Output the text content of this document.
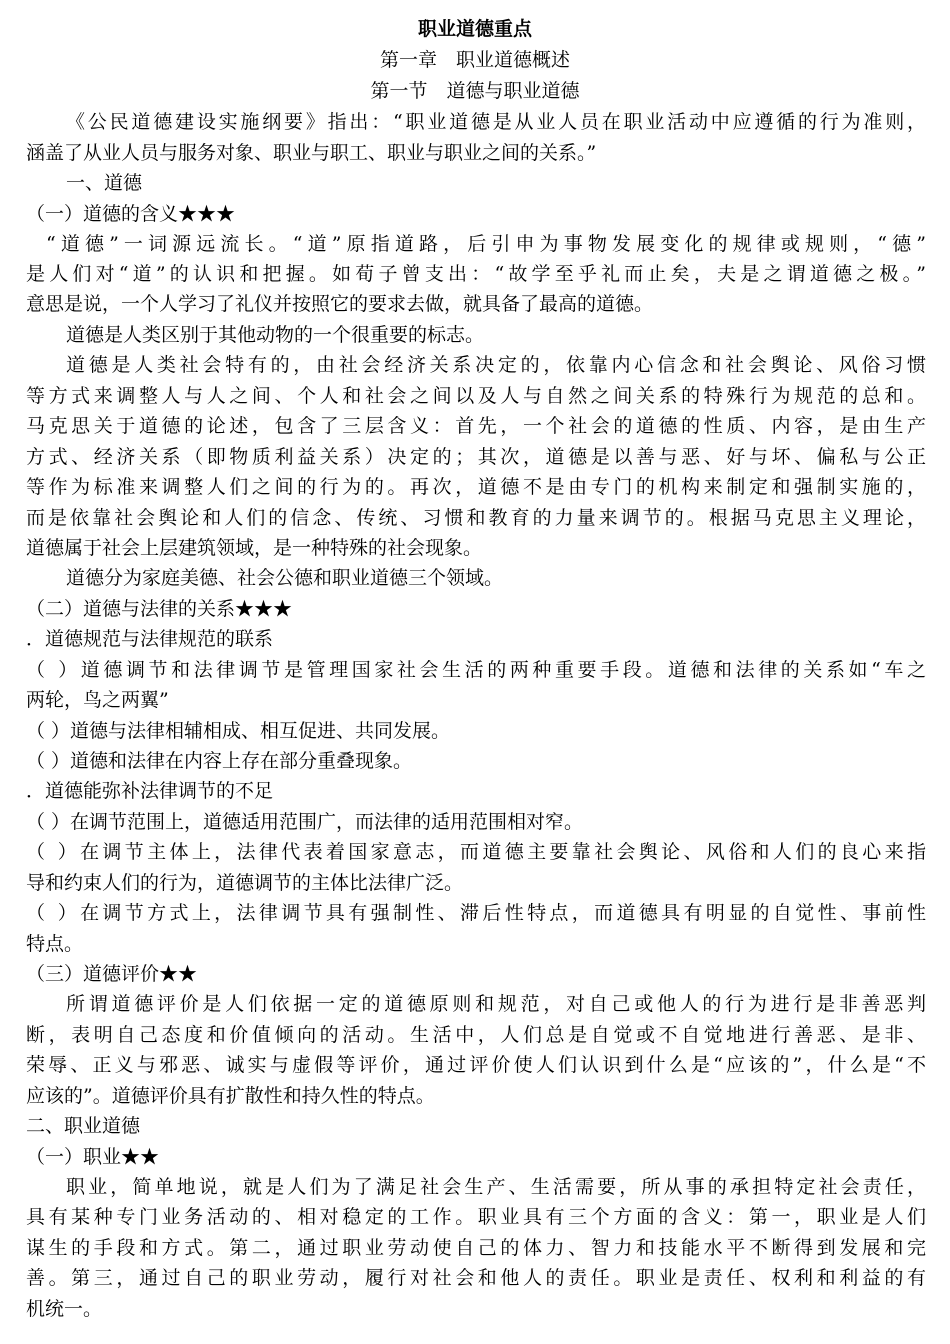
职业道德重点
第一章　职业道德概述
第一节　道德与职业道德
《公民道德建设实施纲要》指出：“职业道德是从业人员在职业活动中应遵循的行为准则，
涵盖了从业人员与服务对象、职业与职工、职业与职业之间的关系。”
一、道德
（一）道德的含义★★★
“道德”一词源远流长。“道”原指道路，后引申为事物发展变化的规律或规则，“德”
是人们对“道”的认识和把握。如荀子曾支出：“故学至乎礼而止矣，夫是之谓道德之极。”
意思是说，一个人学习了礼仪并按照它的要求去做，就具备了最高的道德。
道德是人类区别于其他动物的一个很重要的标志。
道德是人类社会特有的，由社会经济关系决定的，依靠内心信念和社会舆论、风俗习惯
等方式来调整人与人之间、个人和社会之间以及人与自然之间关系的特殊行为规范的总和。
马克思关于道德的论述，包含了三层含义：首先，一个社会的道德的性质、内容，是由生产
方式、经济关系（即物质利益关系）决定的；其次，道德是以善与恶、好与坏、偏私与公正
等作为标准来调整人们之间的行为的。再次，道德不是由专门的机构来制定和强制实施的，
而是依靠社会舆论和人们的信念、传统、习惯和教育的力量来调节的。根据马克思主义理论，
道德属于社会上层建筑领域，是一种特殊的社会现象。
道德分为家庭美德、社会公德和职业道德三个领域。
（二）道德与法律的关系★★★
．道德规范与法律规范的联系
（ ）道德调节和法律调节是管理国家社会生活的两种重要手段。道德和法律的关系如“车之
两轮，鸟之两翼”
（ ）道德与法律相辅相成、相互促进、共同发展。
（ ）道德和法律在内容上存在部分重叠现象。
．道德能弥补法律调节的不足
（ ）在调节范围上，道德适用范围广，而法律的适用范围相对窄。
（ ）在调节主体上，法律代表着国家意志，而道德主要靠社会舆论、风俗和人们的良心来指
导和约束人们的行为，道德调节的主体比法律广泛。
（ ）在调节方式上，法律调节具有强制性、滞后性特点，而道德具有明显的自觉性、事前性
特点。
（三）道德评价★★
所谓道德评价是人们依据一定的道德原则和规范，对自己或他人的行为进行是非善恶判
断，表明自己态度和价值倾向的活动。生活中，人们总是自觉或不自觉地进行善恶、是非、
荣辱、正义与邪恶、诚实与虚假等评价，通过评价使人们认识到什么是“应该的”，什么是“不
应该的”。道德评价具有扩散性和持久性的特点。
二、职业道德
（一）职业★★
职业，简单地说，就是人们为了满足社会生产、生活需要，所从事的承担特定社会责任，
具有某种专门业务活动的、相对稳定的工作。职业具有三个方面的含义：第一，职业是人们
谋生的手段和方式。第二，通过职业劳动使自己的体力、智力和技能水平不断得到发展和完
善。第三，通过自己的职业劳动，履行对社会和他人的责任。职业是责任、权利和利益的有
机统一。
